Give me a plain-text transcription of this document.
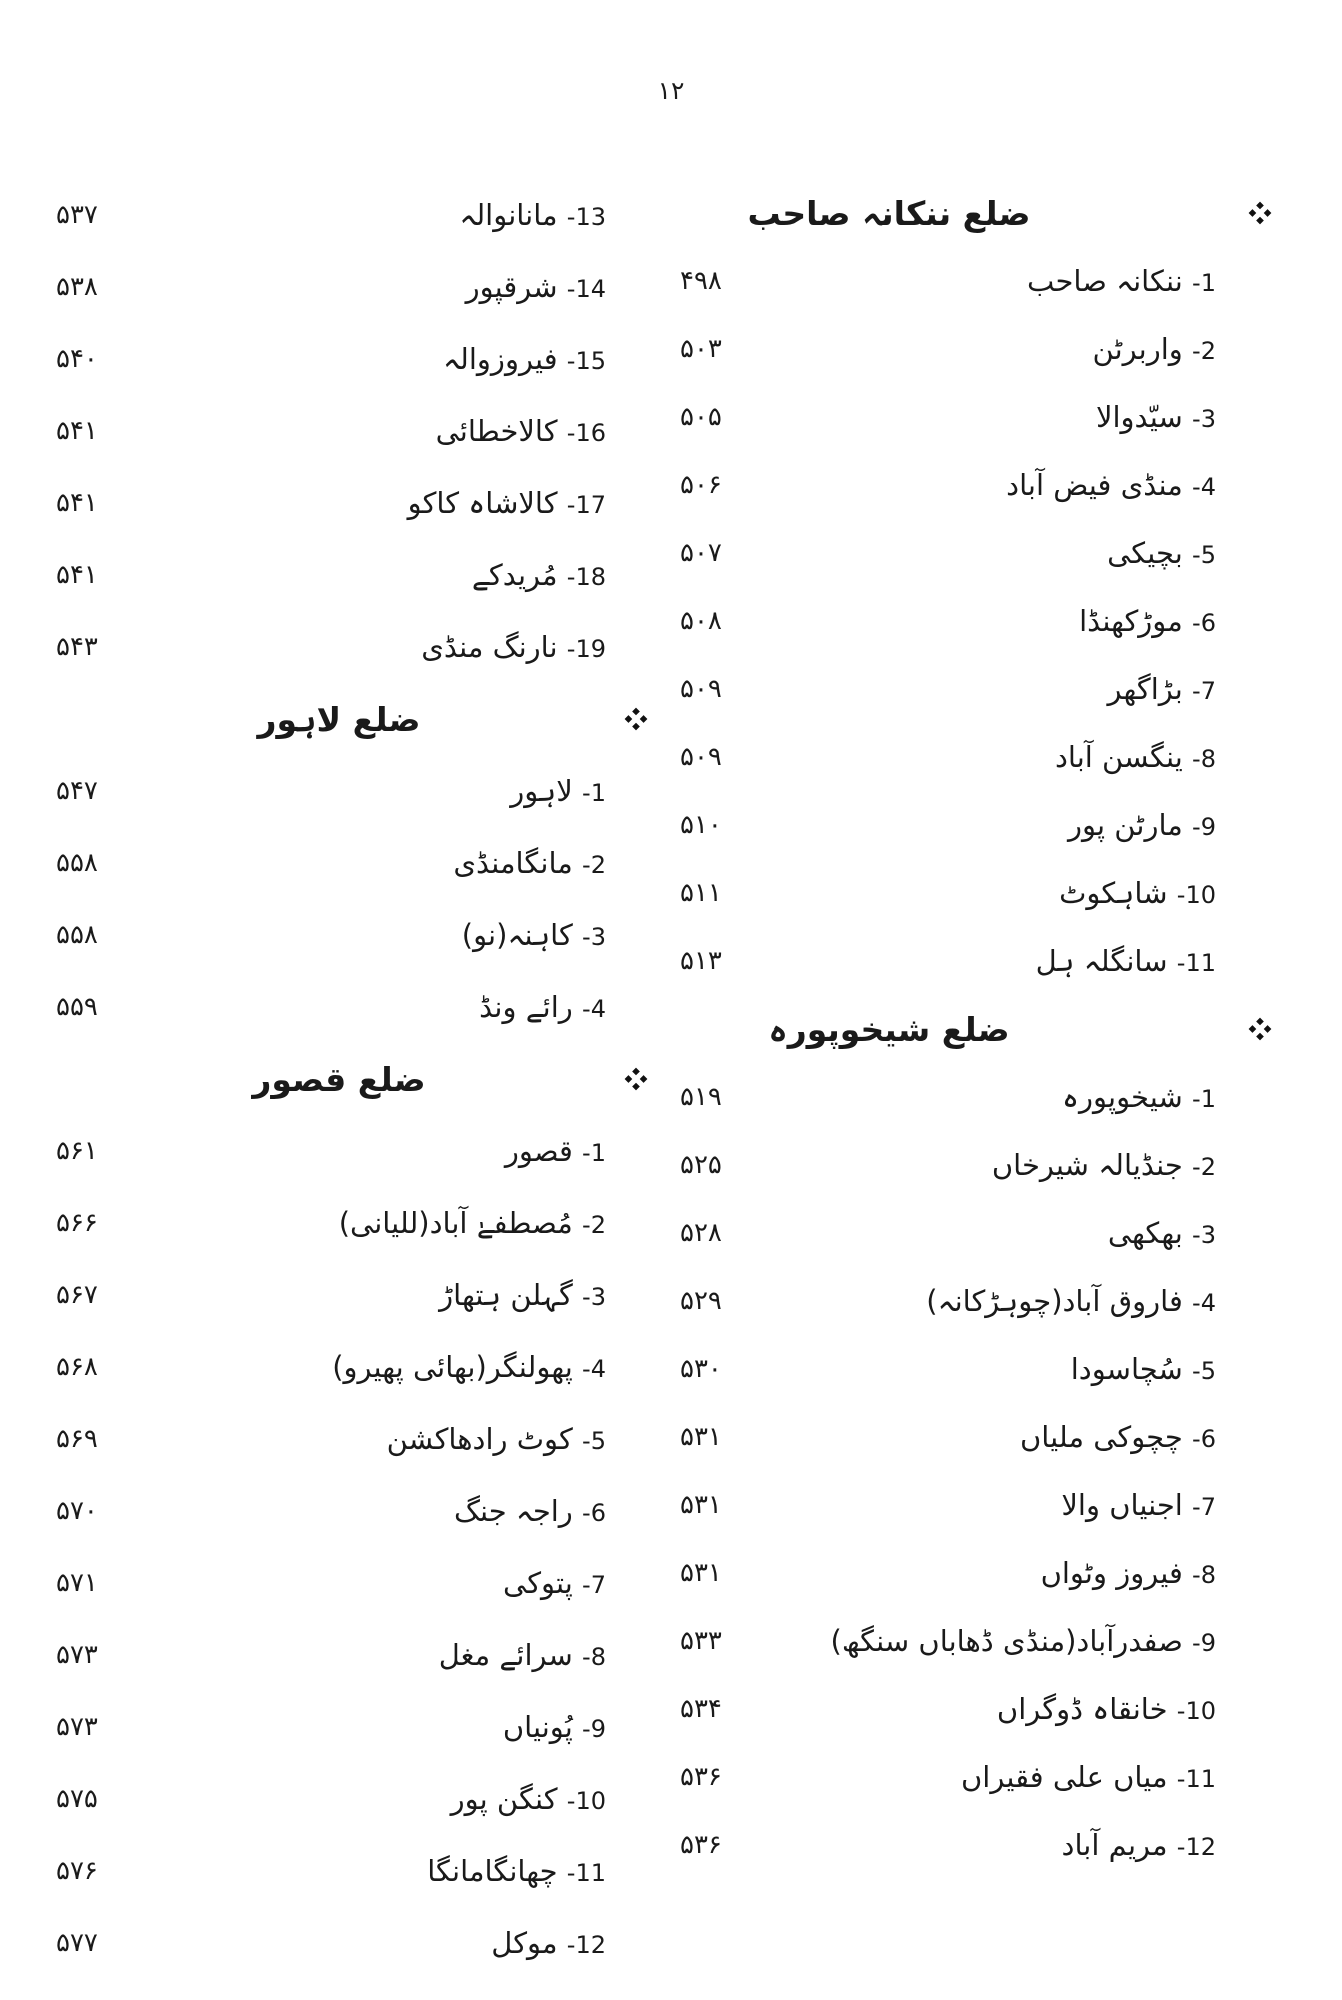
۱۲
۵۳۷	13- مانانوالہ
۵۳۸	14- شرقپور
۵۴۰	15- فیروزوالہ
۵۴۱	16- کالاخطائی
۵۴۱	17- کالاشاہ کاکو
۵۴۱	18- مُریدکے
۵۴۳	19- نارنگ منڈی
ضلع لاہور
۵۴۷	1- لاہور
۵۵۸	2- مانگامنڈی
۵۵۸	3- کاہنہ(نو)
۵۵۹	4- رائے ونڈ
ضلع قصور
۵۶۱	1- قصور
۵۶۶	2- مُصطفےٰ آباد(للیانی)
۵۶۷	3- گہلن ہتھاڑ
۵۶۸	4- پھولنگر(بھائی پھیرو)
۵۶۹	5- کوٹ رادھاکشن
۵۷۰	6- راجہ جنگ
۵۷۱	7- پتوکی
۵۷۳	8- سرائے مغل
۵۷۳	9- پُونیاں
۵۷۵	10- کنگن پور
۵۷۶	11- چھانگامانگا
۵۷۷	12- موکل
ضلع ننکانہ صاحب
۴۹۸	1- ننکانہ صاحب
۵۰۳	2- واربرٹن
۵۰۵	3- سیّدوالا
۵۰۶	4- منڈی فیض آباد
۵۰۷	5- بچیکی
۵۰۸	6- موڑکھنڈا
۵۰۹	7- بڑاگھر
۵۰۹	8- ینگسن آباد
۵۱۰	9- مارٹن پور
۵۱۱	10- شاہکوٹ
۵۱۳	11- سانگلہ ہل
ضلع شیخوپورہ
۵۱۹	1- شیخوپورہ
۵۲۵	2- جنڈیالہ شیرخاں
۵۲۸	3- بھکھی
۵۲۹	4- فاروق آباد(چوہڑکانہ)
۵۳۰	5- سُچاسودا
۵۳۱	6- چچوکی ملیاں
۵۳۱	7- اجنیاں والا
۵۳۱	8- فیروز وٹواں
۵۳۳	9- صفدرآباد(منڈی ڈھاباں سنگھ)
۵۳۴	10- خانقاہ ڈوگراں
۵۳۶	11- میاں علی فقیراں
۵۳۶	12- مریم آباد
